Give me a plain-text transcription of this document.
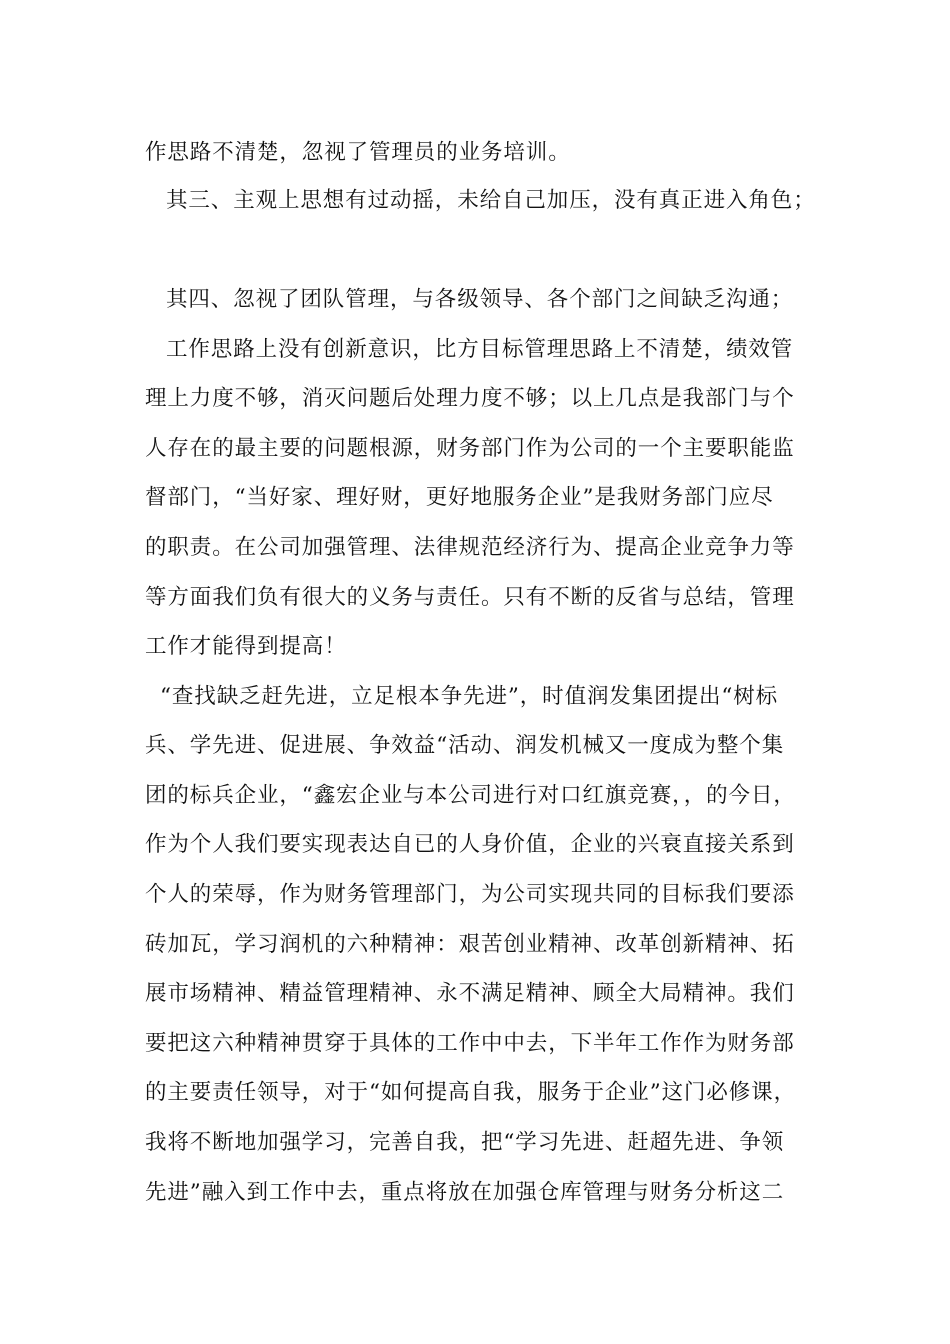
作思路不清楚，忽视了管理员的业务培训。
其三、主观上思想有过动摇，未给自己加压，没有真正进入角色；
其四、忽视了团队管理，与各级领导、各个部门之间缺乏沟通；
工作思路上没有创新意识，比方目标管理思路上不清楚，绩效管
理上力度不够，消灭问题后处理力度不够；以上几点是我部门与个
人存在的最主要的问题根源，财务部门作为公司的一个主要职能监
督部门，“当好家、理好财，更好地服务企业”是我财务部门应尽
的职责。在公司加强管理、法律规范经济行为、提高企业竞争力等
等方面我们负有很大的义务与责任。只有不断的反省与总结，管理
工作才能得到提高！
“查找缺乏赶先进，立足根本争先进”，时值润发集团提出“树标
兵、学先进、促进展、争效益“活动、润发机械又一度成为整个集
团的标兵企业，“鑫宏企业与本公司进行对口红旗竞赛，，的今日，
作为个人我们要实现表达自已的人身价值，企业的兴衰直接关系到
个人的荣辱，作为财务管理部门，为公司实现共同的目标我们要添
砖加瓦，学习润机的六种精神：艰苦创业精神、改革创新精神、拓
展市场精神、精益管理精神、永不满足精神、顾全大局精神。我们
要把这六种精神贯穿于具体的工作中中去，下半年工作作为财务部
的主要责任领导，对于“如何提高自我，服务于企业”这门必修课，
我将不断地加强学习，完善自我，把“学习先进、赶超先进、争领
先进”融入到工作中去，重点将放在加强仓库管理与财务分析这二
